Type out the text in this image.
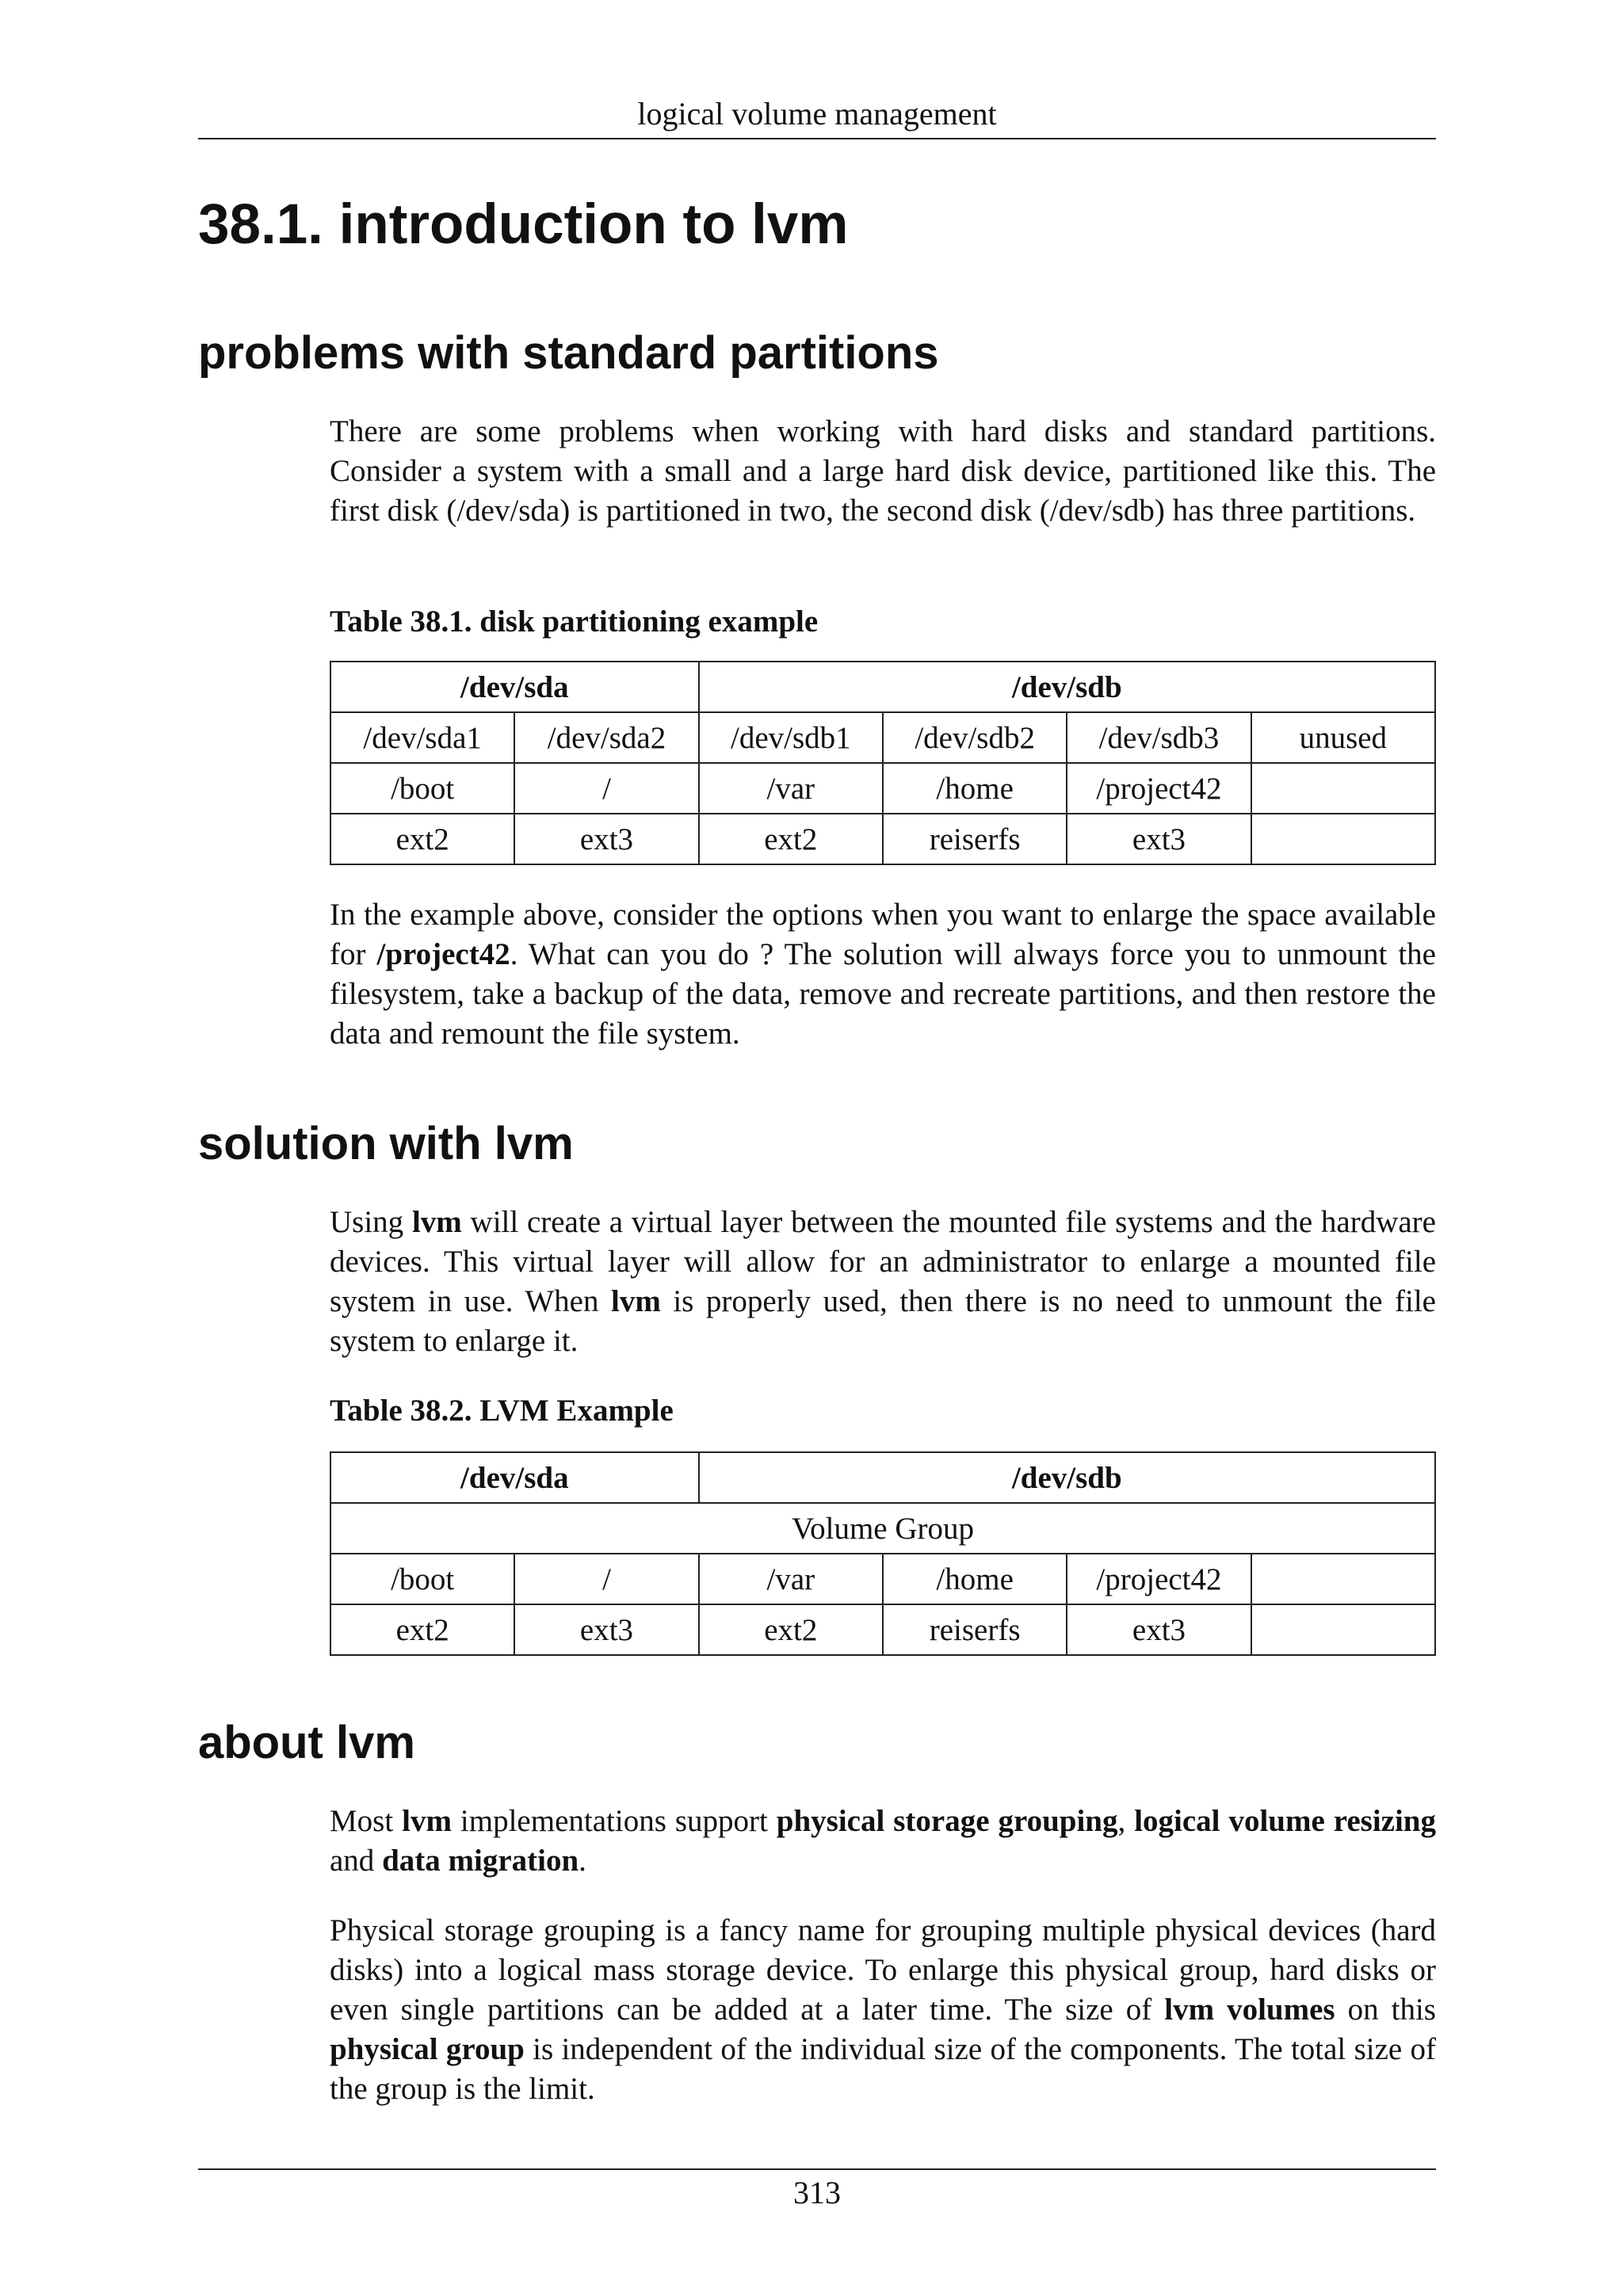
logical volume management
38.1. introduction to lvm
problems with standard partitions

There are some problems when working with hard disks and standard partitions. Consider a system with a small and a large hard disk device, partitioned like this. The first disk (/dev/sda) is partitioned in two, the second disk (/dev/sdb) has three partitions.

Table 38.1. disk partitioning example

/dev/sda		/dev/sdb			
/dev/sda1	/dev/sda2	/dev/sdb1	/dev/sdb2	/dev/sdb3	unused
/boot	/	/var	/home	/project42	
ext2	ext3	ext2	reiserfs	ext3	

In the example above, consider the options when you want to enlarge the space available for /project42. What can you do ? The solution will always force you to unmount the filesystem, take a backup of the data, remove and recreate partitions, and then restore the data and remount the file system.

solution with lvm

Using lvm will create a virtual layer between the mounted file systems and the hardware devices. This virtual layer will allow for an administrator to enlarge a mounted file system in use. When lvm is properly used, then there is no need to unmount the file system to enlarge it.

Table 38.2. LVM Example

/dev/sda		/dev/sdb			
Volume Group					
/boot	/	/var	/home	/project42	
ext2	ext3	ext2	reiserfs	ext3	
about lvm

Most lvm implementations support physical storage grouping, logical volume resizing and data migration.

Physical storage grouping is a fancy name for grouping multiple physical devices (hard disks) into a logical mass storage device. To enlarge this physical group, hard disks or even single partitions can be added at a later time. The size of lvm volumes on this physical group is independent of the individual size of the components. The total size of the group is the limit.

313
